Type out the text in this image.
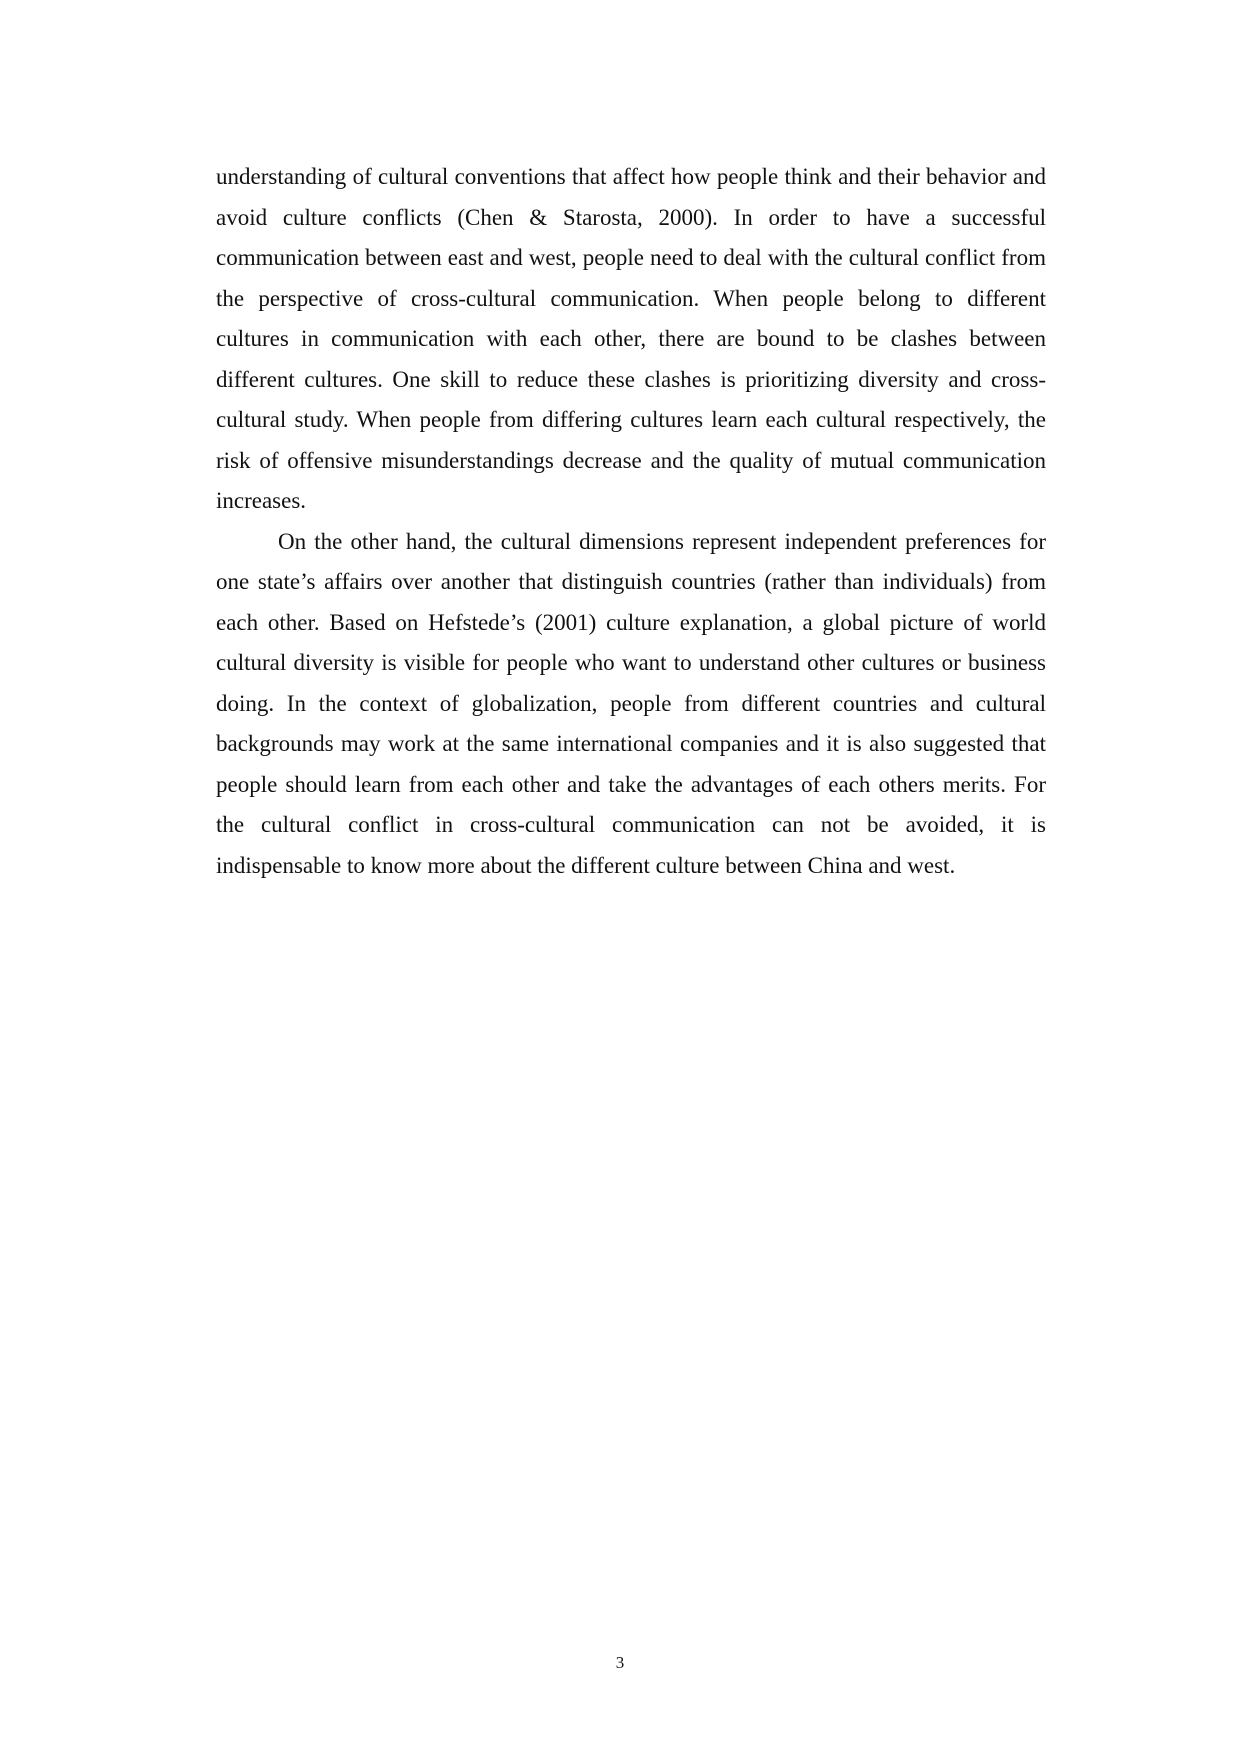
understanding of cultural conventions that affect how people think and their behavior and avoid culture conflicts (Chen & Starosta, 2000). In order to have a successful communication between east and west, people need to deal with the cultural conflict from the perspective of cross-cultural communication. When people belong to different cultures in communication with each other, there are bound to be clashes between different cultures. One skill to reduce these clashes is prioritizing diversity and cross-cultural study. When people from differing cultures learn each cultural respectively, the risk of offensive misunderstandings decrease and the quality of mutual communication increases.

On the other hand, the cultural dimensions represent independent preferences for one state’s affairs over another that distinguish countries (rather than individuals) from each other. Based on Hefstede’s (2001) culture explanation, a global picture of world cultural diversity is visible for people who want to understand other cultures or business doing. In the context of globalization, people from different countries and cultural backgrounds may work at the same international companies and it is also suggested that people should learn from each other and take the advantages of each others merits. For the cultural conflict in cross-cultural communication can not be avoided, it is indispensable to know more about the different culture between China and west.

3
